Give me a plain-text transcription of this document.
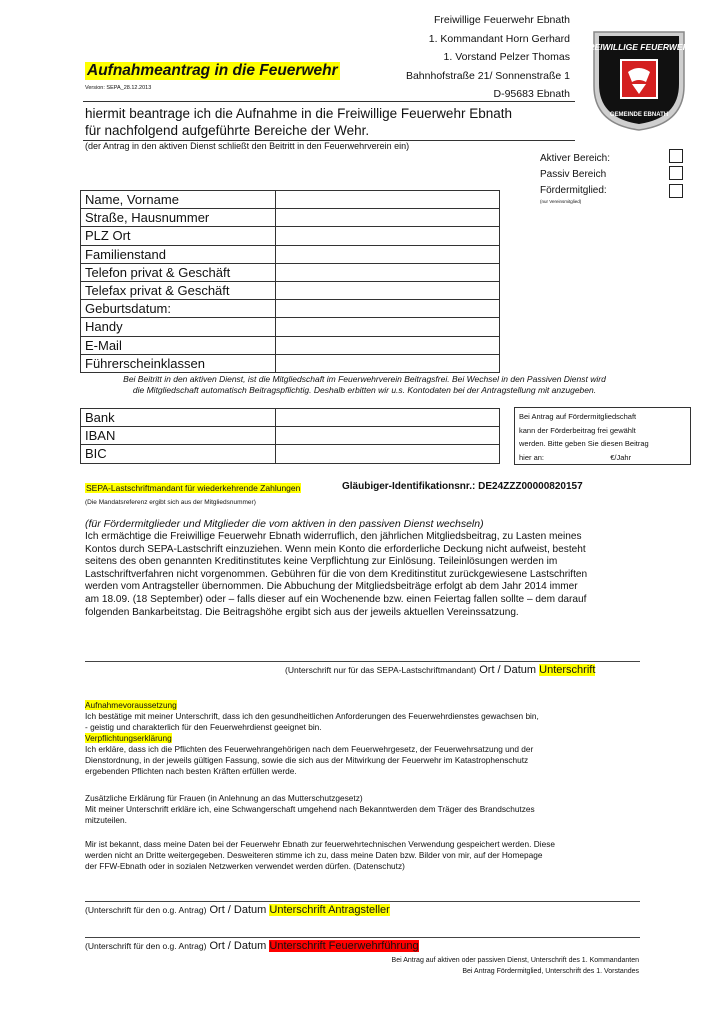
Freiwillige Feuerwehr Ebnath
1. Kommandant Horn Gerhard
1. Vorstand Pelzer Thomas
Bahnhofstraße 21/ Sonnenstraße 1
D-95683 Ebnath
Aufnahmeantrag in die Feuerwehr
Version: SEPA_28.12.2013
FREIWILLIGE FEUERWEHR
GEMEINDE EBNATH
hiermit beantrage ich die Aufnahme in die Freiwillige Feuerwehr Ebnath
für nachfolgend aufgeführte Bereiche der Wehr.
(der Antrag in den aktiven Dienst schließt den Beitritt in den Feuerwehrverein ein)
Aktiver Bereich:
Passiv Bereich
Fördermitglied:
(nur Vereinsmitglied)
Name, Vorname	
Straße, Hausnummer	
PLZ Ort	
Familienstand	
Telefon privat & Geschäft	
Telefax privat & Geschäft	
Geburtsdatum:	
Handy	
E-Mail	
Führerscheinklassen	
Bei Beitritt in den aktiven Dienst, ist die Mitgliedschaft im Feuerwehrverein Beitragsfrei. Bei Wechsel in den Passiven Dienst wird
die Mitgliedschaft automatisch Beitragspflichtig. Deshalb erbitten wir u.s. Kontodaten bei der Antragstellung mit anzugeben.
Bank	
IBAN	
BIC	
Bei Antrag auf Fördermitgliedschaft
kann der Förderbeitrag frei gewählt
werden. Bitte geben Sie diesen Beitrag
hier an:	€/Jahr
SEPA-Lastschriftmandant für wiederkehrende Zahlungen	Gläubiger-Identifikationsnr.: DE24ZZZ00000820157
(Die Mandatsreferenz ergibt sich aus der Mitgliedsnummer)
(für Fördermitglieder und Mitglieder die vom aktiven in den passiven Dienst wechseln)
Ich ermächtige die Freiwillige Feuerwehr Ebnath widerruflich, den jährlichen Mitgliedsbeitrag, zu Lasten meines
Kontos durch SEPA-Lastschrift einzuziehen. Wenn mein Konto die erforderliche Deckung nicht aufweist, besteht
seitens des oben genannten Kreditinstitutes keine Verpflichtung zur Einlösung. Teileinlösungen werden im
Lastschriftverfahren nicht vorgenommen. Gebühren für die von dem Kreditinstitut zurückgewiesene Lastschriften
werden vom Antragsteller übernommen. Die Abbuchung der Mitgliedsbeiträge erfolgt ab dem Jahr 2014 immer
am 18.09. (18 September) oder – falls dieser auf ein Wochenende bzw. einen Feiertag fallen sollte – dem darauf
folgenden Bankarbeitstag. Die Beitragshöhe ergibt sich aus der jeweils aktuellen Vereinssatzung.
(Unterschrift nur für das SEPA-Lastschriftmandant) Ort / Datum Unterschrift
Aufnahmevoraussetzung
Ich bestätige mit meiner Unterschrift, dass ich den gesundheitlichen Anforderungen des Feuerwehrdienstes gewachsen bin,
- geistig und charakterlich für den Feuerwehrdienst geeignet bin.
Verpflichtungserklärung
Ich erkläre, dass ich die Pflichten des Feuerwehrangehörigen nach dem Feuerwehrgesetz, der Feuerwehrsatzung und der
Dienstordnung, in der jeweils gültigen Fassung, sowie die sich aus der Mitwirkung der Feuerwehr im Katastrophenschutz
ergebenden Pflichten nach besten Kräften erfüllen werde.
Zusätzliche Erklärung für Frauen (in Anlehnung an das Mutterschutzgesetz)
Mit meiner Unterschrift erkläre ich, eine Schwangerschaft umgehend nach Bekanntwerden dem Träger des Brandschutzes
mitzuteilen.
Mir ist bekannt, dass meine Daten bei der Feuerwehr Ebnath zur feuerwehrtechnischen Verwendung gespeichert werden. Diese
werden nicht an Dritte weitergegeben. Desweiteren stimme ich zu, dass meine Daten bzw. Bilder von mir, auf der Homepage
der FFW-Ebnath oder in sozialen Netzwerken verwendet werden dürfen. (Datenschutz)
(Unterschrift für den o.g. Antrag) Ort / Datum Unterschrift Antragsteller
(Unterschrift für den o.g. Antrag) Ort / Datum Unterschrift Feuerwehrführung
Bei Antrag auf aktiven oder passiven Dienst, Unterschrift des 1. Kommandanten
Bei Antrag Fördermitglied, Unterschrift des 1. Vorstandes
